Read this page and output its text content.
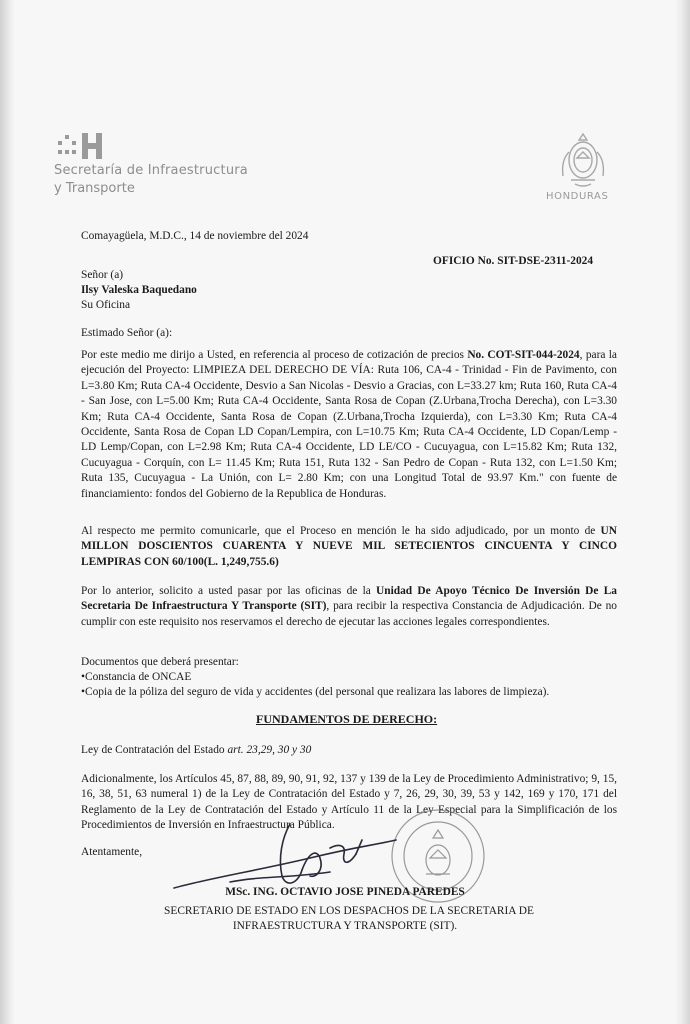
Secretaría de Infraestructura
y Transporte
HONDURAS
Comayagüela, M.D.C., 14 de noviembre del 2024
OFICIO No. SIT-DSE-2311-2024
Señor (a)
Ilsy Valeska Baquedano
Su Oficina
Estimado Señor (a):
Por este medio me dirijo a Usted, en referencia al proceso de cotización de precios No. COT-SIT-044-2024, para la ejecución del Proyecto: LIMPIEZA DEL DERECHO DE VÍA: Ruta 106, CA-4 - Trinidad - Fin de Pavimento, con L=3.80 Km; Ruta CA-4 Occidente, Desvio a San Nicolas - Desvio a Gracias, con L=33.27 km; Ruta 160, Ruta CA-4 - San Jose, con L=5.00 Km; Ruta CA-4 Occidente, Santa Rosa de Copan (Z.Urbana,Trocha Derecha), con L=3.30 Km; Ruta CA-4 Occidente, Santa Rosa de Copan (Z.Urbana,Trocha Izquierda), con L=3.30 Km; Ruta CA-4 Occidente, Santa Rosa de Copan LD Copan/Lempira, con L=10.75 Km; Ruta CA-4 Occidente, LD Copan/Lemp - LD Lemp/Copan, con L=2.98 Km; Ruta CA-4 Occidente, LD LE/CO - Cucuyagua, con L=15.82 Km; Ruta 132, Cucuyagua - Corquín, con L= 11.45 Km; Ruta 151, Ruta 132 - San Pedro de Copan - Ruta 132, con L=1.50 Km; Ruta 135, Cucuyagua - La Unión, con L= 2.80 Km; con una Longitud Total de 93.97 Km." con fuente de financiamiento: fondos del Gobierno de la Republica de Honduras.
Al respecto me permito comunicarle, que el Proceso en mención le ha sido adjudicado, por un monto de UN MILLON DOSCIENTOS CUARENTA Y NUEVE MIL SETECIENTOS CINCUENTA Y CINCO LEMPIRAS CON 60/100(L. 1,249,755.6)
Por lo anterior, solicito a usted pasar por las oficinas de la Unidad De Apoyo Técnico De Inversión De La Secretaria De Infraestructura Y Transporte (SIT), para recibir la respectiva Constancia de Adjudicación. De no cumplir con este requisito nos reservamos el derecho de ejecutar las acciones legales correspondientes.
Documentos que deberá presentar:
•Constancia de ONCAE
•Copia de la póliza del seguro de vida y accidentes (del personal que realizara las labores de limpieza).
FUNDAMENTOS DE DERECHO:
Ley de Contratación del Estado art. 23,29, 30 y 30
Adicionalmente, los Artículos 45, 87, 88, 89, 90, 91, 92, 137 y 139 de la Ley de Procedimiento Administrativo; 9, 15, 16, 38, 51, 63 numeral 1) de la Ley de Contratación del Estado y 7, 26, 29, 30, 39, 53 y 142, 169 y 170, 171 del Reglamento de la Ley de Contratación del Estado y Artículo 11 de la Ley Especial para la Simplificación de los Procedimientos de Inversión en Infraestructura Pública.
Atentamente,
MSc. ING. OCTAVIO JOSE PINEDA PAREDES
SECRETARIO DE ESTADO EN LOS DESPACHOS DE LA SECRETARIA DE
INFRAESTRUCTURA Y TRANSPORTE (SIT).
